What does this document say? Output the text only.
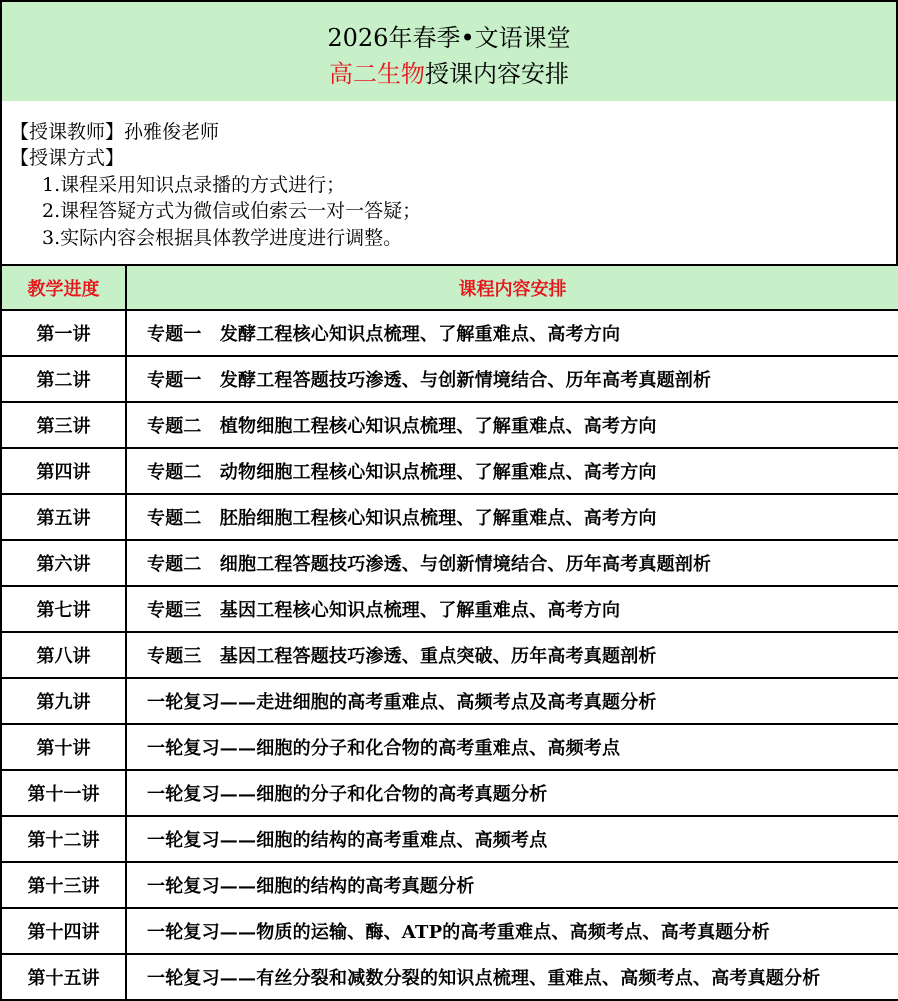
2026年春季•文语课堂
高二生物授课内容安排
【授课教师】孙雅俊老师
【授课方式】
1.课程采用知识点录播的方式进行；
2.课程答疑方式为微信或伯索云一对一答疑；
3.实际内容会根据具体教学进度进行调整。
教学进度	课程内容安排
第一讲	专题一　发酵工程核心知识点梳理、了解重难点、高考方向
第二讲	专题一　发酵工程答题技巧渗透、与创新情境结合、历年高考真题剖析
第三讲	专题二　植物细胞工程核心知识点梳理、了解重难点、高考方向
第四讲	专题二　动物细胞工程核心知识点梳理、了解重难点、高考方向
第五讲	专题二　胚胎细胞工程核心知识点梳理、了解重难点、高考方向
第六讲	专题二　细胞工程答题技巧渗透、与创新情境结合、历年高考真题剖析
第七讲	专题三　基因工程核心知识点梳理、了解重难点、高考方向
第八讲	专题三　基因工程答题技巧渗透、重点突破、历年高考真题剖析
第九讲	一轮复习——走进细胞的高考重难点、高频考点及高考真题分析
第十讲	一轮复习——细胞的分子和化合物的高考重难点、高频考点
第十一讲	一轮复习——细胞的分子和化合物的高考真题分析
第十二讲	一轮复习——细胞的结构的高考重难点、高频考点
第十三讲	一轮复习——细胞的结构的高考真题分析
第十四讲	一轮复习——物质的运输、酶、ATP的高考重难点、高频考点、高考真题分析
第十五讲	一轮复习——有丝分裂和减数分裂的知识点梳理、重难点、高频考点、高考真题分析
